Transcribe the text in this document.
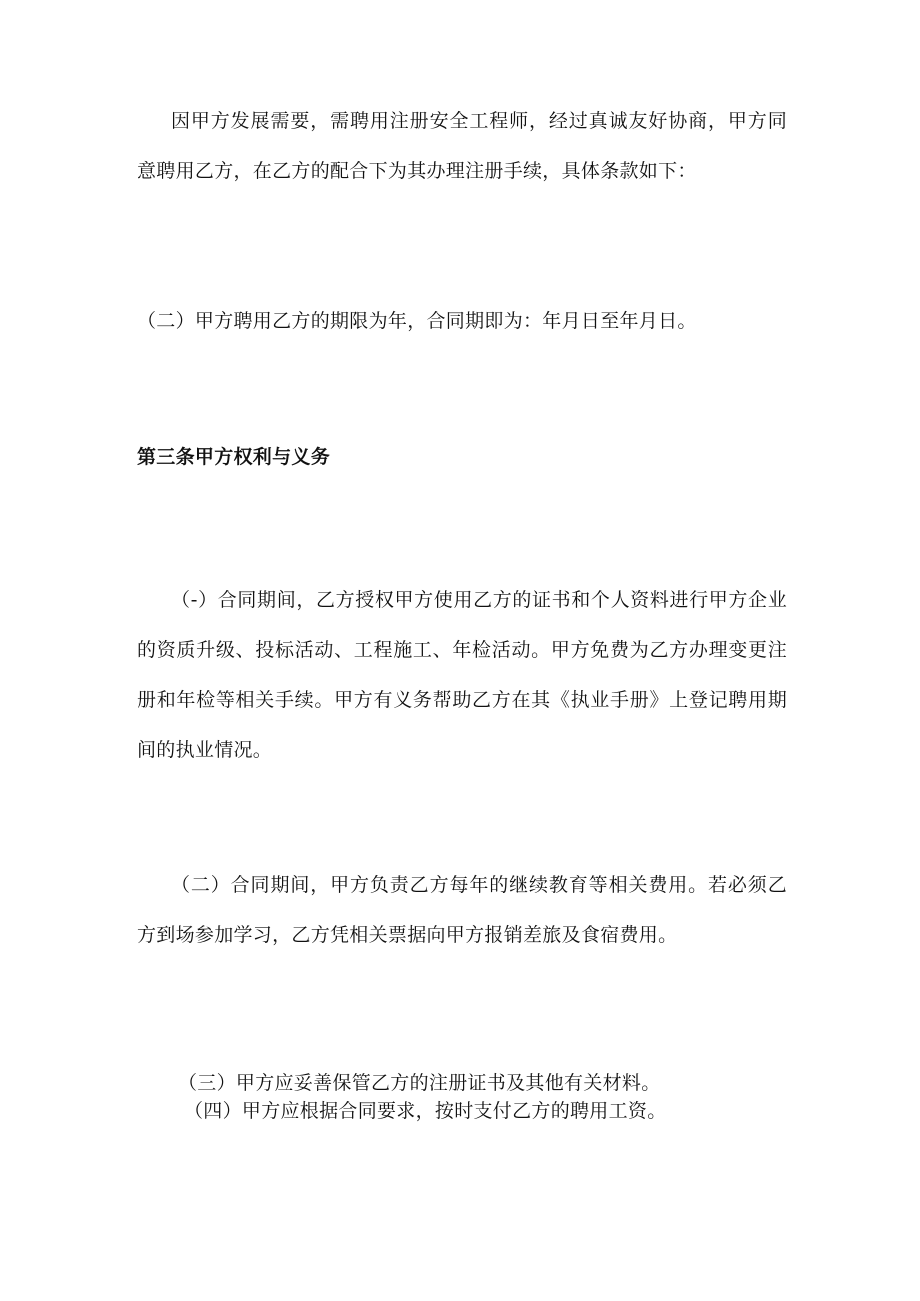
因甲方发展需要，需聘用注册安全工程师，经过真诚友好协商，甲方同意聘用乙方，在乙方的配合下为其办理注册手续，具体条款如下：

（二）甲方聘用乙方的期限为年，合同期即为：年月日至年月日。

第三条甲方权利与义务

（-）合同期间，乙方授权甲方使用乙方的证书和个人资料进行甲方企业的资质升级、投标活动、工程施工、年检活动。甲方免费为乙方办理变更注册和年检等相关手续。甲方有义务帮助乙方在其《执业手册》上登记聘用期间的执业情况。

（二）合同期间，甲方负责乙方每年的继续教育等相关费用。若必须乙方到场参加学习，乙方凭相关票据向甲方报销差旅及食宿费用。

（三）甲方应妥善保管乙方的注册证书及其他有关材料。

（四）甲方应根据合同要求，按时支付乙方的聘用工资。
